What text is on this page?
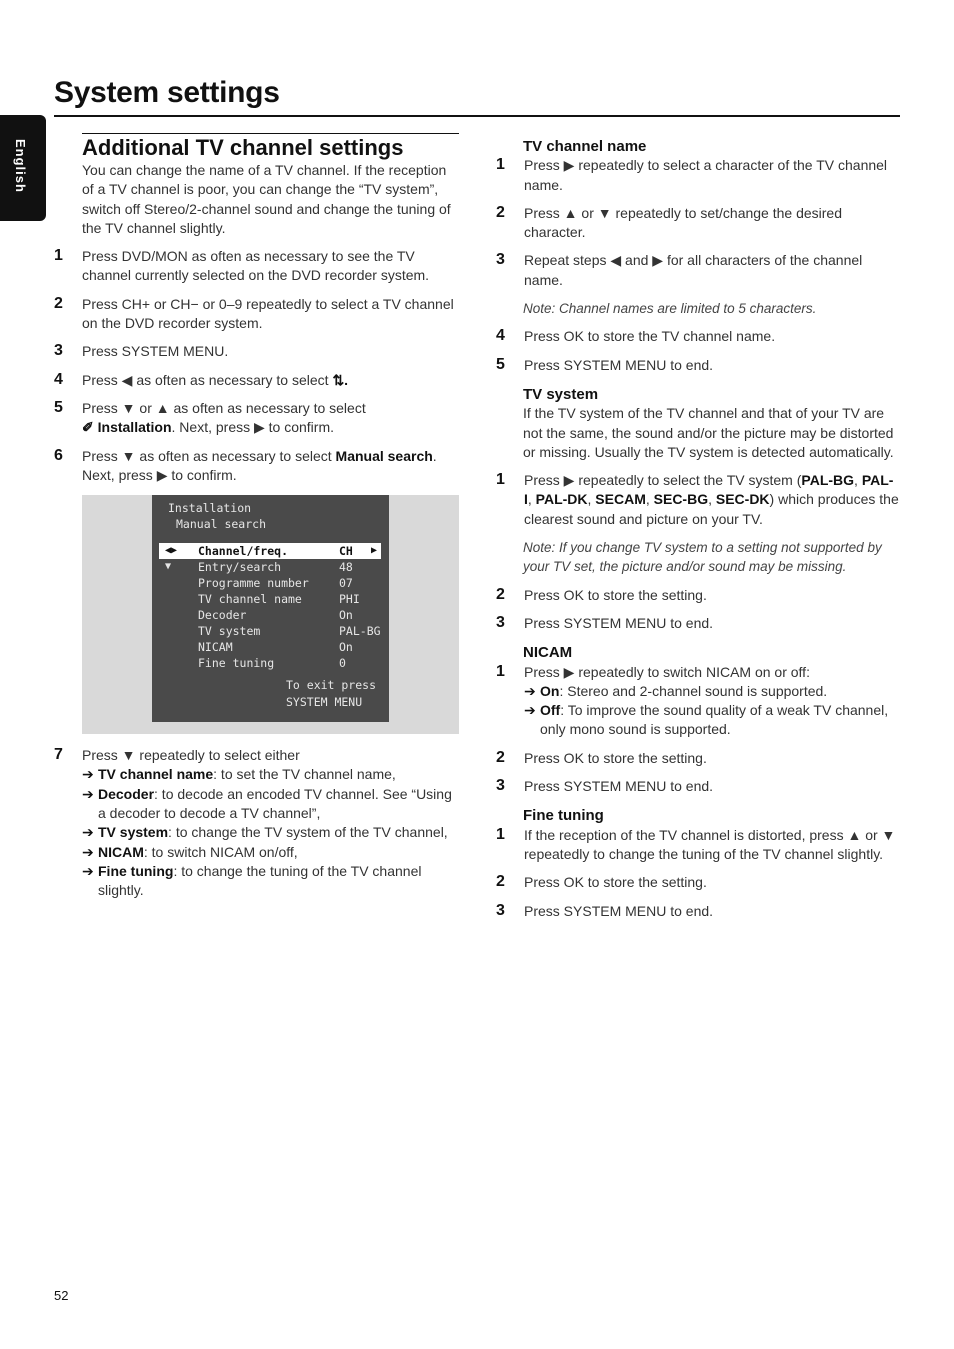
English
System settings
Additional TV channel settings

You can change the name of a TV channel. If the reception of a TV channel is poor, you can change the “TV system”, switch off Stereo/2-channel sound and change the tuning of the TV channel slightly.

1 Press DVD/MON as often as necessary to see the TV channel currently selected on the DVD recorder system.
2 Press CH+ or CH− or 0–9 repeatedly to select a TV channel on the DVD recorder system.
3 Press SYSTEM MENU.
4 Press ◀ as often as necessary to select ⇅.
5 Press ▼ or ▲ as often as necessary to select
✐ Installation. Next, press ▶ to confirm.
6 Press ▼ as often as necessary to select Manual search. Next, press ▶ to confirm.
Installation
Manual search
◀▶ Channel/freq.	CH ▶
▼ Entry/search	48
Programme number	07
TV channel name	PHI
Decoder	On
TV system	PAL-BG
NICAM	On
Fine tuning	0
To exit press
SYSTEM MENU
7 Press ▼ repeatedly to select either
➔ TV channel name: to set the TV channel name,
➔ Decoder: to decode an encoded TV channel. See “Using a decoder to decode a TV channel”,
➔ TV system: to change the TV system of the TV channel,
➔ NICAM: to switch NICAM on/off,
➔ Fine tuning: to change the tuning of the TV channel slightly.
TV channel name
1 Press ▶ repeatedly to select a character of the TV channel name.
2 Press ▲ or ▼ repeatedly to set/change the desired character.
3 Repeat steps ◀ and ▶ for all characters of the channel name.
Note: Channel names are limited to 5 characters.
4 Press OK to store the TV channel name.
5 Press SYSTEM MENU to end.
TV system

If the TV system of the TV channel and that of your TV are not the same, the sound and/or the picture may be distorted or missing. Usually the TV system is detected automatically.

1 Press ▶ repeatedly to select the TV system (PAL-BG, PAL-I, PAL-DK, SECAM, SEC-BG, SEC-DK) which produces the clearest sound and picture on your TV.
Note: If you change TV system to a setting not supported by your TV set, the picture and/or sound may be missing.
2 Press OK to store the setting.
3 Press SYSTEM MENU to end.
NICAM
1 Press ▶ repeatedly to switch NICAM on or off:
➔ On: Stereo and 2-channel sound is supported.
➔ Off: To improve the sound quality of a weak TV channel, only mono sound is supported.
2 Press OK to store the setting.
3 Press SYSTEM MENU to end.
Fine tuning
1 If the reception of the TV channel is distorted, press ▲ or ▼ repeatedly to change the tuning of the TV channel slightly.
2 Press OK to store the setting.
3 Press SYSTEM MENU to end.
52
